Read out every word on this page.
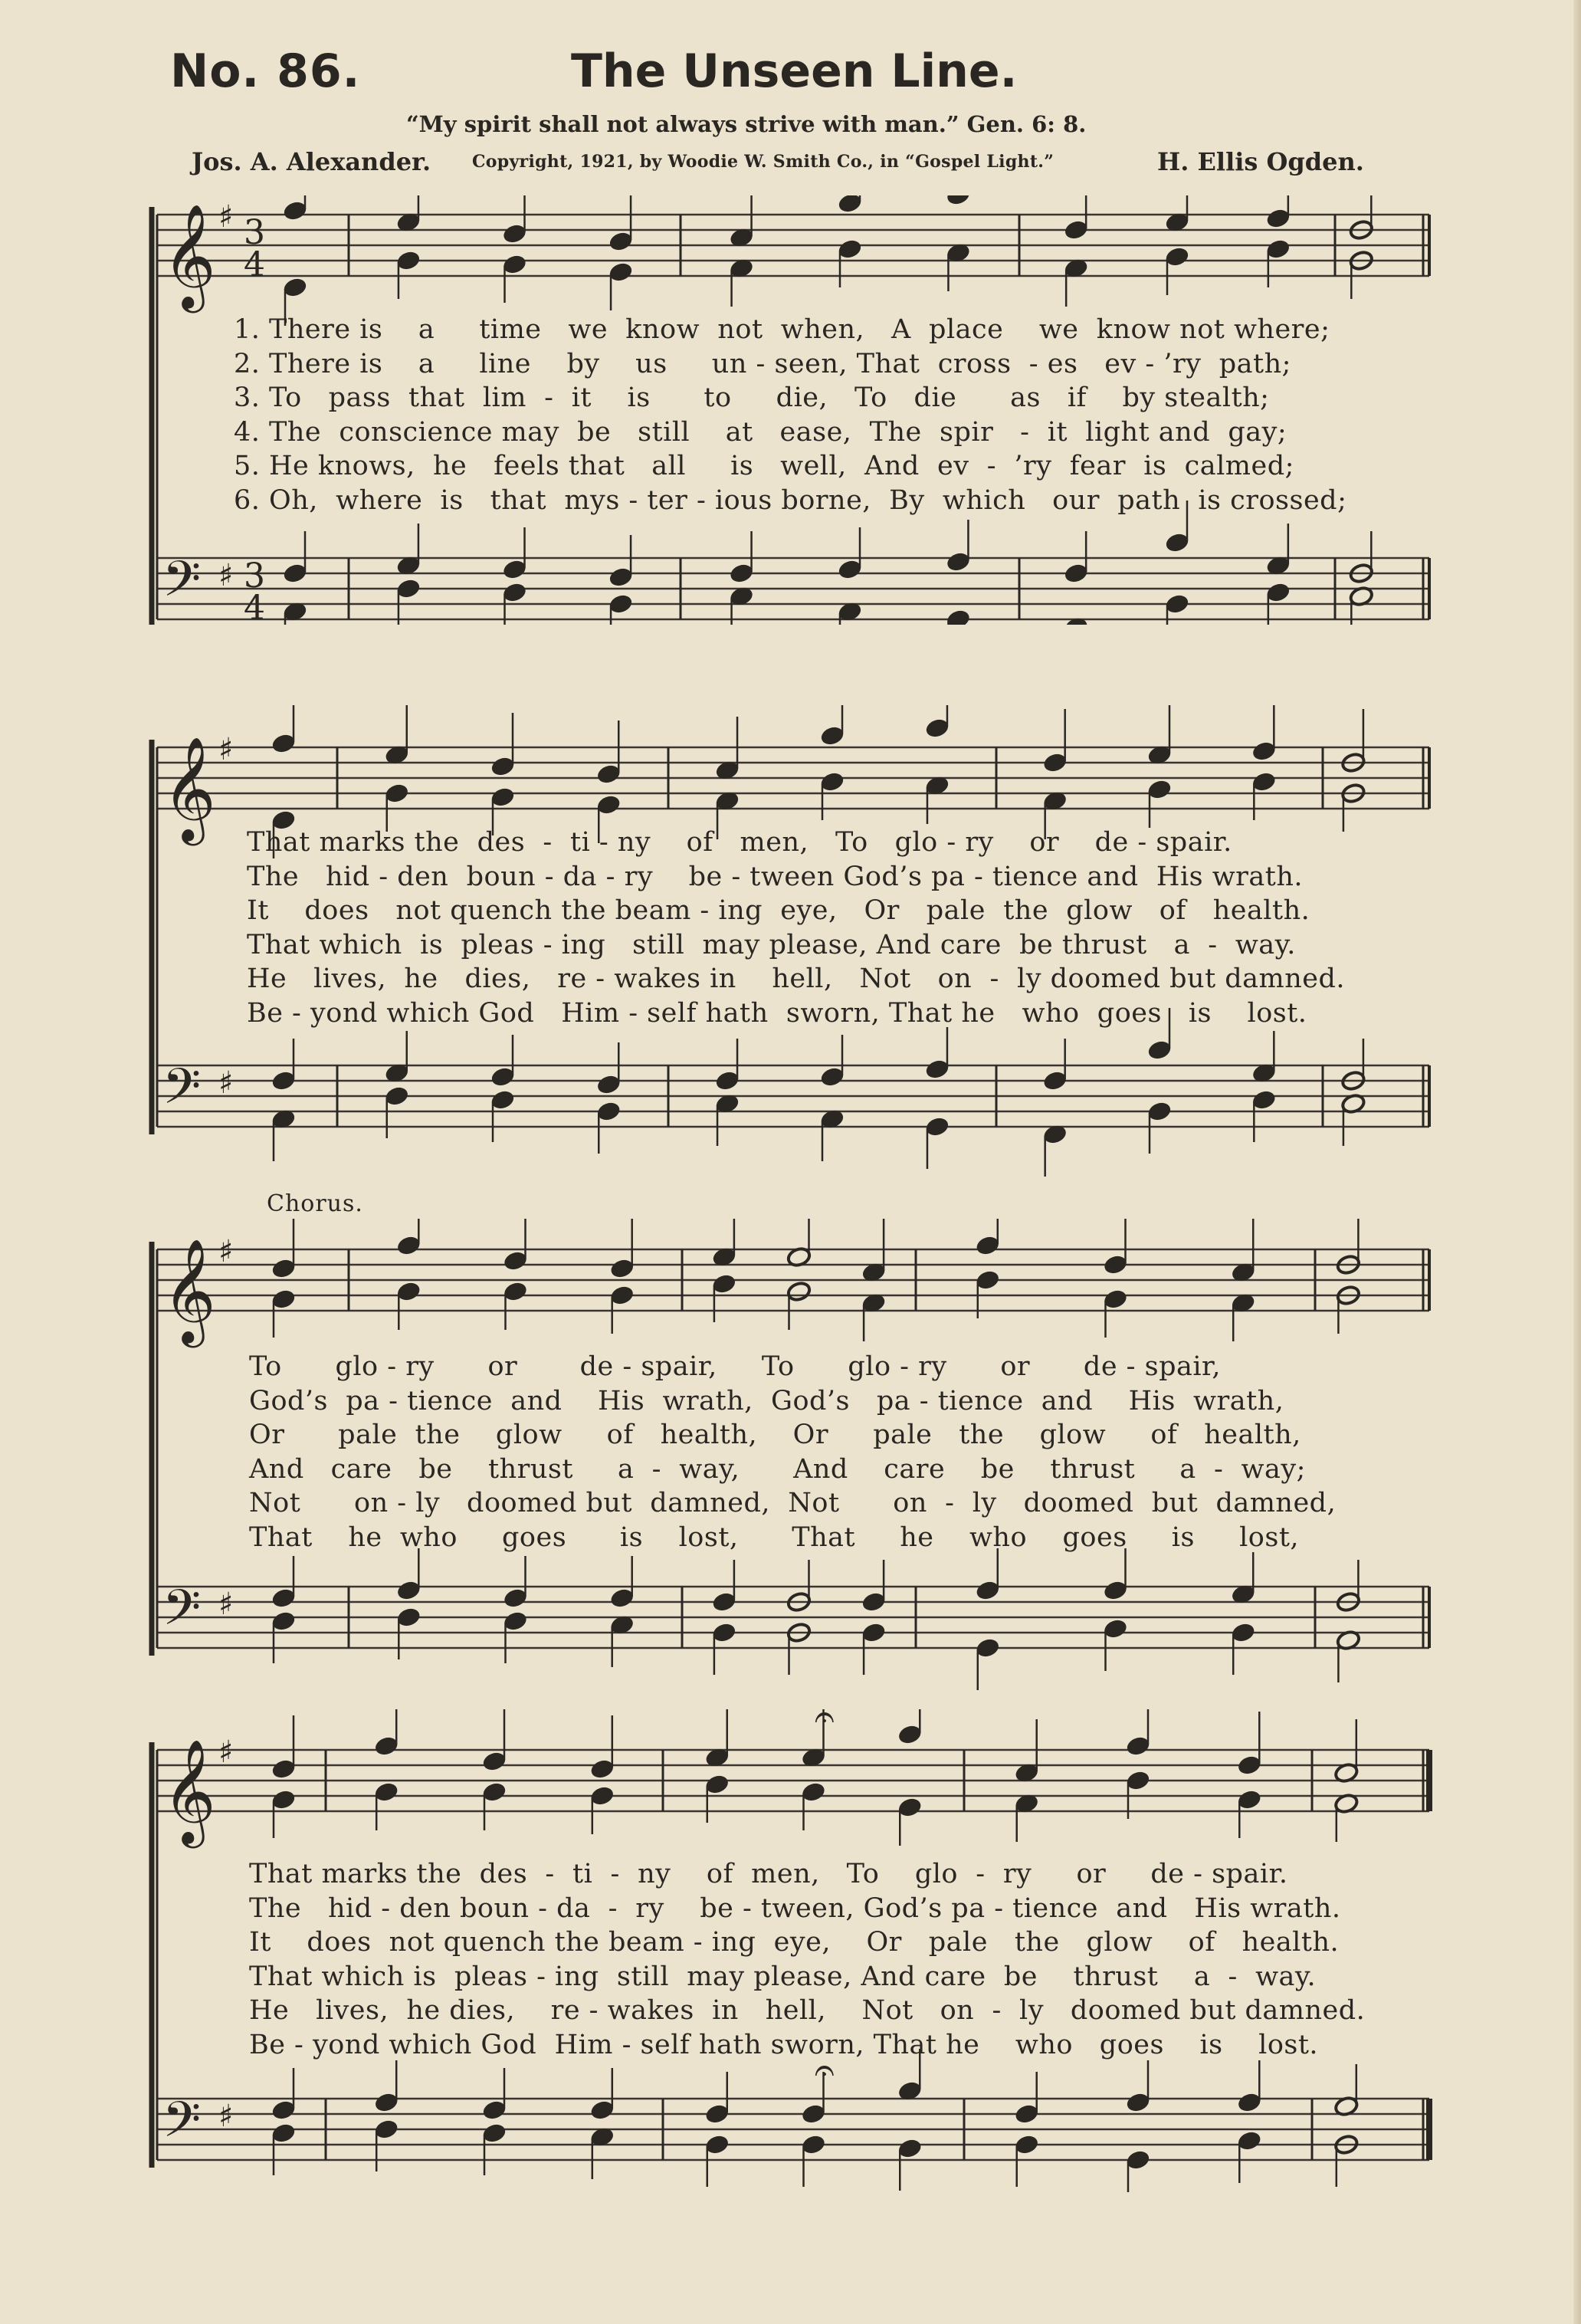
No. 86.	The Unseen Line.
“My spirit shall not always strive with man.” Gen. 6: 8.
Jos. A. Alexander. Copyright, 1921, by Woodie W. Smith Co., in “Gospel Light.”	H. Ellis Ogden.
𝄞
𝄢
♯
♯
3
4
3
4
1. There is    a     time   we  know  not  when,   A  place    we  know not where;
2. There is    a     line    by    us     un - seen, That  cross  - es   ev - ’ry  path;
3. To   pass  that  lim  -  it    is      to     die,   To   die      as   if    by stealth;
4. The  conscience may  be   still    at   ease,  The  spir   -  it  light and  gay;
5. He knows,  he   feels that   all     is   well,  And  ev  -  ’ry  fear  is  calmed;
6. Oh,  where  is   that  mys - ter - ious borne,  By  which   our  path  is crossed;
𝄞
𝄢
♯
♯
That marks the  des  -  ti - ny    of   men,   To   glo - ry    or    de - spair.
The   hid - den  boun - da - ry    be - tween God’s pa - tience and  His wrath.
It    does   not quench the beam - ing  eye,   Or   pale  the  glow   of   health.
That which  is  pleas - ing   still  may please, And care  be thrust   a  -  way.
He   lives,  he   dies,   re - wakes in    hell,   Not   on  -  ly doomed but damned.
Be - yond which God   Him - self hath  sworn, That he   who  goes   is    lost.
Chorus.
𝄞
𝄢
♯
♯
To      glo - ry      or       de - spair,     To      glo - ry      or      de - spair,
God’s  pa - tience  and    His  wrath,  God’s   pa - tience  and    His  wrath,
Or      pale  the    glow     of   health,    Or     pale   the    glow     of   health,
And   care   be    thrust     a  -  way,      And    care    be    thrust     a  -  way;
Not      on - ly   doomed but  damned,  Not      on  -  ly   doomed  but  damned,
That    he  who     goes      is    lost,      That     he    who    goes     is     lost,
𝄞
𝄢
♯
♯
𝄐
𝄐
That marks the  des  -  ti  -  ny    of  men,   To    glo  -  ry     or     de - spair.
The   hid - den boun - da  -  ry    be - tween, God’s pa - tience  and   His wrath.
It    does  not quench the beam - ing  eye,    Or   pale   the   glow    of   health.
That which is  pleas - ing  still  may please, And care  be    thrust    a  -  way.
He   lives,  he dies,    re - wakes  in   hell,    Not   on  -  ly   doomed but damned.
Be - yond which God  Him - self hath sworn, That he    who   goes    is    lost.
